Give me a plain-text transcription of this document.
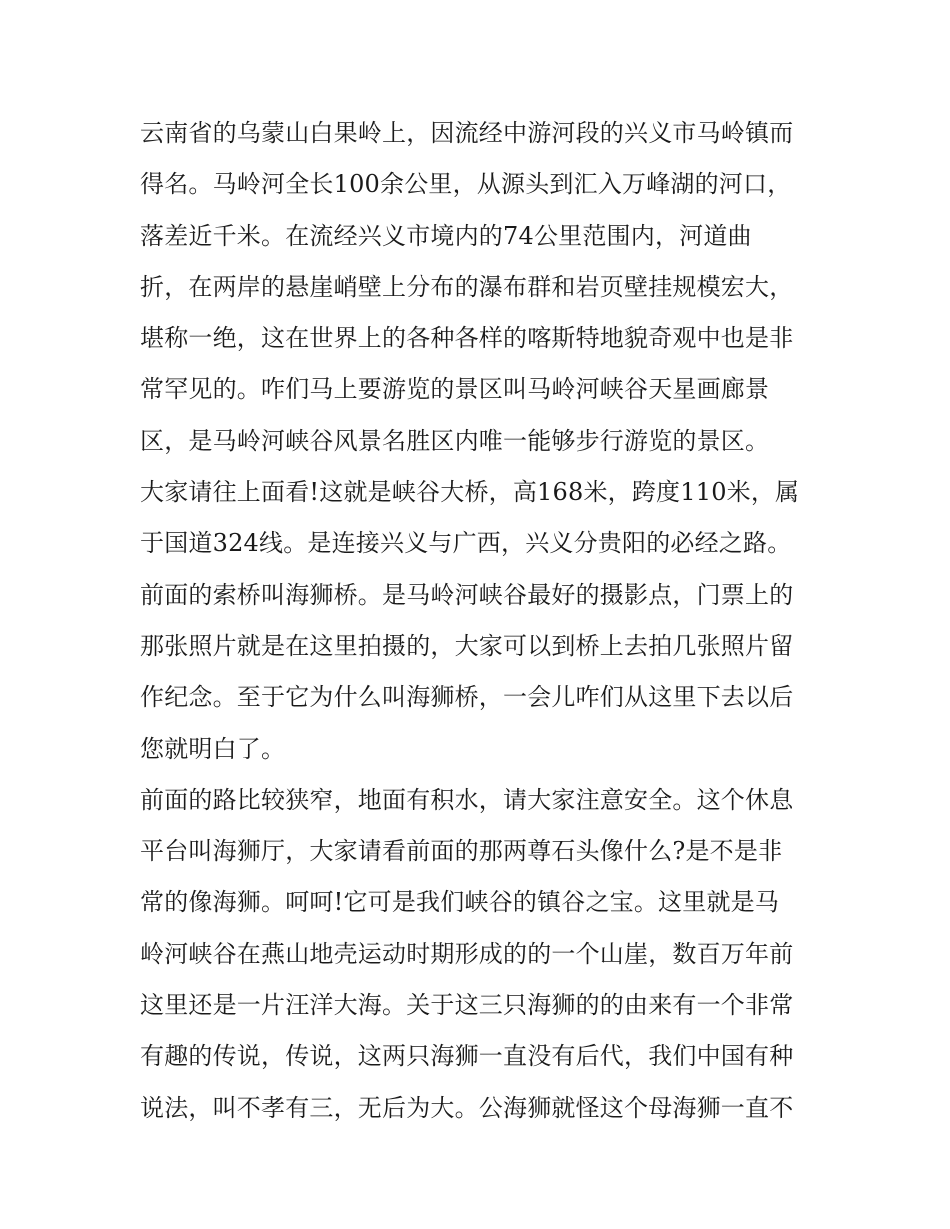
云南省的乌蒙山白果岭上，因流经中游河段的兴义市马岭镇而
得名。马岭河全长100余公里，从源头到汇入万峰湖的河口，
落差近千米。在流经兴义市境内的74公里范围内，河道曲
折，在两岸的悬崖峭壁上分布的瀑布群和岩页壁挂规模宏大，
堪称一绝，这在世界上的各种各样的喀斯特地貌奇观中也是非
常罕见的。咋们马上要游览的景区叫马岭河峡谷天星画廊景
区，是马岭河峡谷风景名胜区内唯一能够步行游览的景区。
大家请往上面看!这就是峡谷大桥，高168米，跨度110米，属
于国道324线。是连接兴义与广西，兴义分贵阳的必经之路。
前面的索桥叫海狮桥。是马岭河峡谷最好的摄影点，门票上的
那张照片就是在这里拍摄的，大家可以到桥上去拍几张照片留
作纪念。至于它为什么叫海狮桥，一会儿咋们从这里下去以后
您就明白了。
前面的路比较狭窄，地面有积水，请大家注意安全。这个休息
平台叫海狮厅，大家请看前面的那两尊石头像什么?是不是非
常的像海狮。呵呵!它可是我们峡谷的镇谷之宝。这里就是马
岭河峡谷在燕山地壳运动时期形成的的一个山崖，数百万年前
这里还是一片汪洋大海。关于这三只海狮的的由来有一个非常
有趣的传说，传说，这两只海狮一直没有后代，我们中国有种
说法，叫不孝有三，无后为大。公海狮就怪这个母海狮一直不
